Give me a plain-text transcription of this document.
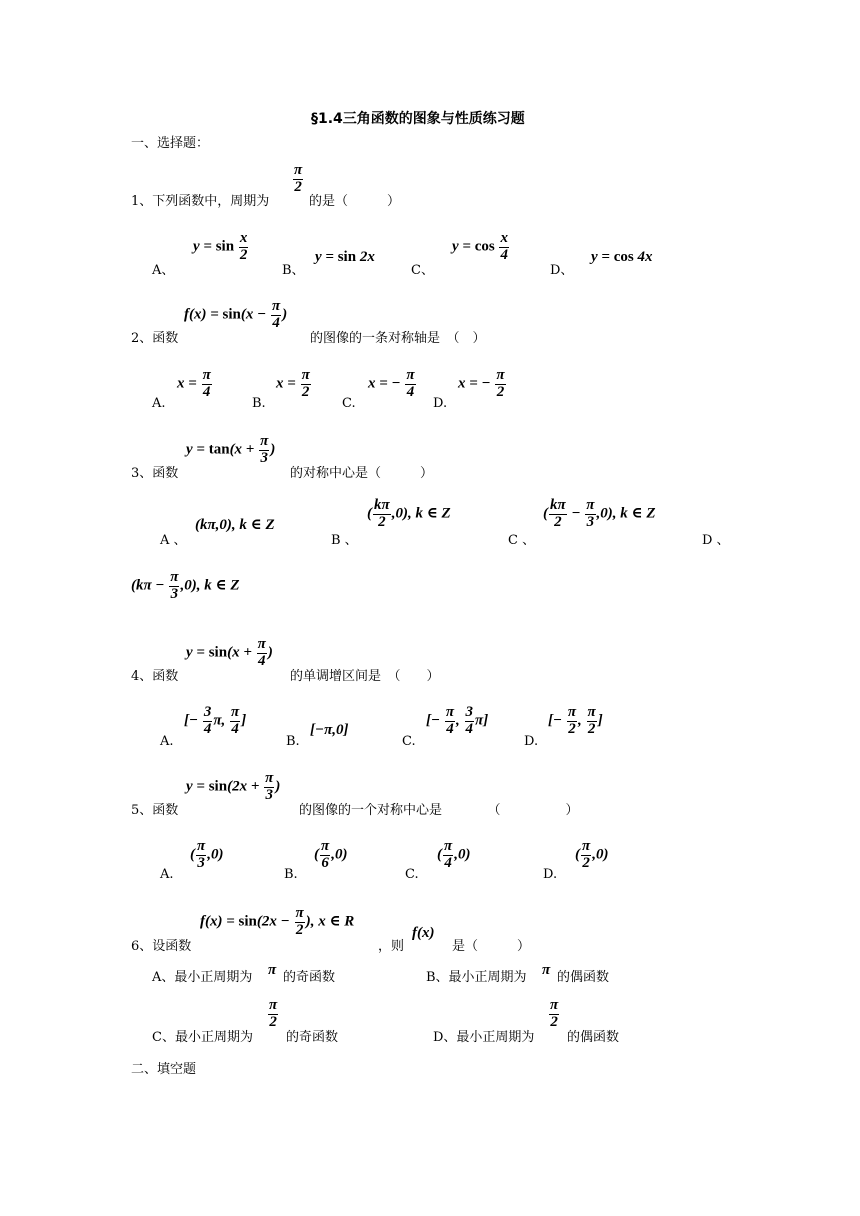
§1.4三角函数的图象与性质练习题
一、选择题：
1、下列函数中，周期为
$\frac{\pi}{2}$
的是（　　　）
A、
$y = \sin \frac{x}{2}$
B、
y = sin 2x
C、
$y = \cos \frac{x}{4}$
D、
y = cos 4x
2、函数
$f(x) = \sin(x - \frac{\pi}{4}$ )
的图像的一条对称轴是　（　）
A.
$x = \frac{\pi}{4}$
B.
$x = \frac{\pi}{2}$
C.
x = − $\frac{\pi}{4}$
D.
x = − $\frac{\pi}{2}$
3、函数
$y = \tan(x + \frac{\pi}{3}$ )
的对称中心是（　　　）
A 、
(kπ,0), k ∈ Z
B 、
( $\frac{k\pi}{2} ,0$), k ∈ Z
C 、
( $\frac{k\pi}{2} - \frac{\pi}{3} ,0$), k ∈ Z
D 、
$(k\pi - \frac{\pi}{3} ,0)$, k ∈ Z
4、函数
$y = \sin(x + \frac{\pi}{4}$ )
的单调增区间是　（　　）
A.
[− $\frac{3}{4} \pi$, $\frac{\pi}{4}$ ]
B.
[−π,0]
C.
[− $\frac{\pi}{4}$ , $\frac{3}{4} \pi$]
D.
[− $\frac{\pi}{2}$ , $\frac{\pi}{2}$ ]
5、函数
$y = \sin(2x + \frac{\pi}{3}$ )
的图像的一个对称中心是　　　　（　　　　　）
A.
( $\frac{\pi}{3} ,0$)
B.
( $\frac{\pi}{6} ,0$)
C.
( $\frac{\pi}{4} ,0$)
D.
( $\frac{\pi}{2} ,0$)
6、设函数
$f(x) = \sin(2x - \frac{\pi}{2}$ ), x ∈ R
，则
f(x)
是（　　　）
A、最小正周期为 π 的奇函数	B、最小正周期为 π 的偶函数
C、最小正周期为
$\frac{\pi}{2}$
的奇函数	D、最小正周期为
$\frac{\pi}{2}$
的偶函数
二、填空题
